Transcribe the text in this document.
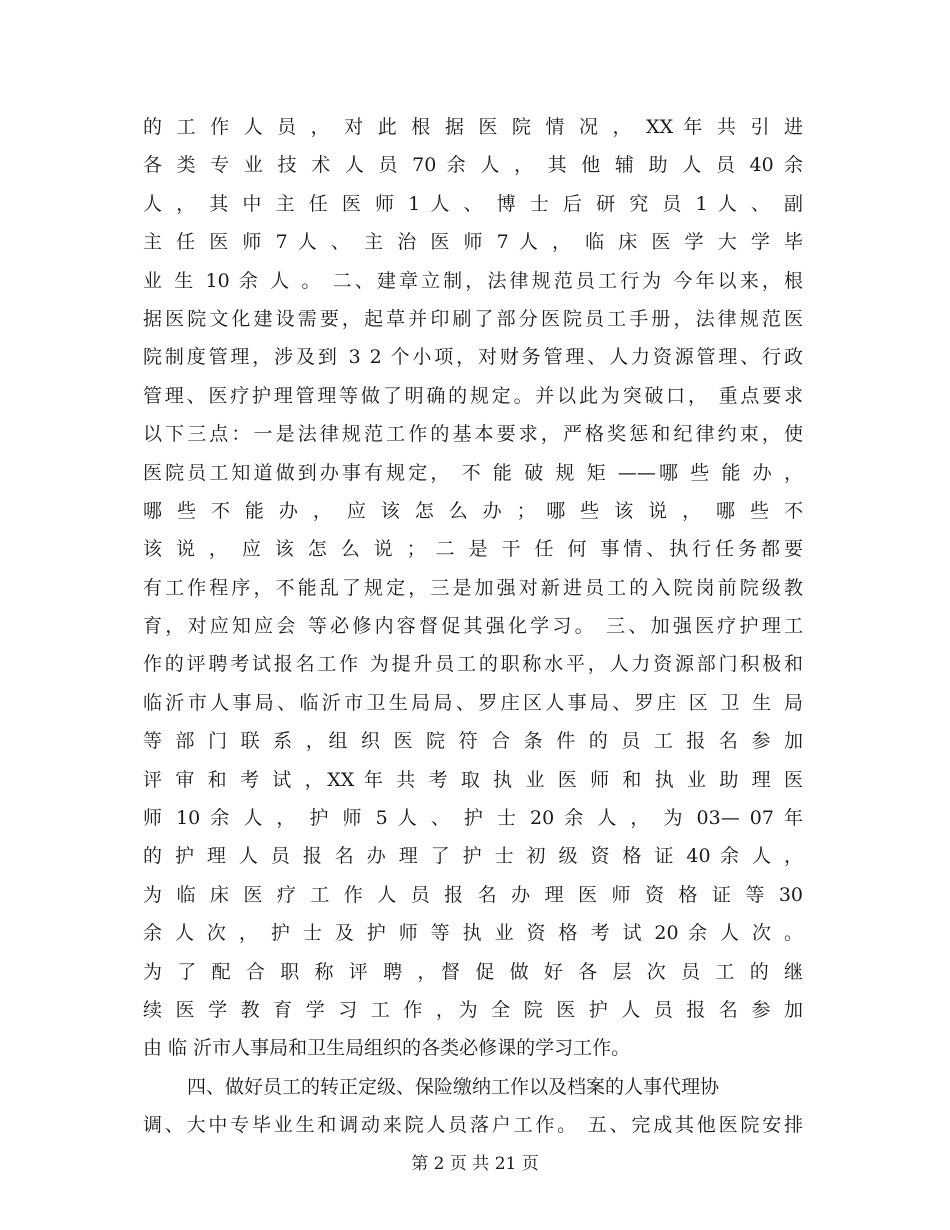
的 工 作 人 员 ， 对 此 根 据 医 院 情 况 ， XX 年 共 引 进
各 类 专 业 技 术 人 员 70 余 人 ， 其 他 辅 助 人 员 40 余
人 ， 其 中 主 任 医 师 1 人 、 博 士 后 研 究 员 1 人 、 副
主 任 医 师 7 人 、 主 治 医 师 7 人 ， 临 床 医 学 大 学 毕
业 生 10 余 人 。 二、建章立制，法律规范员工行为 今年以来，根
据医院文化建设需要，起草并印刷了部分医院员工手册，法律规范医
院制度管理，涉及到 3 2 个小项，对财务管理、人力资源管理、行政
管理、医疗护理管理等做了明确的规定。并以此为突破口， 重点要求
以下三点：一是法律规范工作的基本要求，严格奖惩和纪律约束，使
医院员工知道做到办事有规定， 不 能 破 规 矩 ——哪 些 能 办 ，
哪 些 不 能 办 ， 应 该 怎 么 办 ； 哪 些 该 说 ， 哪 些 不
该 说 ， 应 该 怎 么 说 ； 二 是 干 任 何 事情、执行任务都要
有工作程序，不能乱了规定，三是加强对新进员工的入院岗前院级教
育，对应知应会 等必修内容督促其强化学习。 三、加强医疗护理工
作的评聘考试报名工作 为提升员工的职称水平，人力资源部门积极和
临沂市人事局、临沂市卫生局局、罗庄区人事局、罗庄 区 卫 生 局
等 部 门 联 系 ，组 织 医 院 符 合 条 件 的 员 工 报 名 参 加
评 审 和 考 试 ，XX 年 共 考 取 执 业 医 师 和 执 业 助 理 医
师 10 余 人 ， 护 师 5 人 、 护 士 20 余 人 ， 为 03— 07 年
的 护 理 人 员 报 名 办 理 了 护 士 初 级 资 格 证 40 余 人 ，
为 临 床 医 疗 工 作 人 员 报 名 办 理 医 师 资 格 证 等 30
余 人 次 ， 护 士 及 护 师 等 执 业 资 格 考 试 20 余 人 次 。
为 了 配 合 职 称 评 聘 ，督 促 做 好 各 层 次 员 工 的 继
续 医 学 教 育 学 习 工 作 ，为 全 院 医 护 人 员 报 名 参 加
由 临 沂市人事局和卫生局组织的各类必修课的学习工作。
四、做好员工的转正定级、保险缴纳工作以及档案的人事代理协
调、大中专毕业生和调动来院人员落户工作。 五、完成其他医院安排
第 2 页 共 21 页
